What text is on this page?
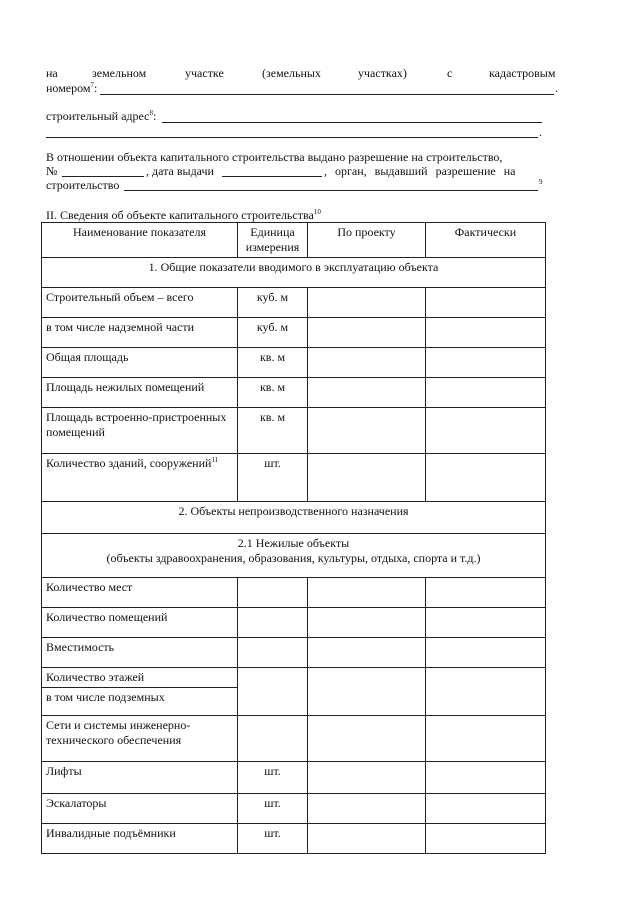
на	земельном	участке	(земельных	участках)	с	кадастровым
номером$^7$:	.
строительный адрес$^8$:
.
В отношении объекта капитального строительства выдано разрешение на строительство,
№	, дата выдачи	, орган, выдавший разрешение на
строительство	$^9$
II. Сведения об объекте капитального строительства$^{10}$
Наименование показателя	Единица измерения	По проекту	Фактически
1. Общие показатели вводимого в эксплуатацию объекта			
Строительный объем – всего	куб. м		
в том числе надземной части	куб. м		
Общая площадь	кв. м		
Площадь нежилых помещений	кв. м		
Площадь встроенно-пристроенных помещений	кв. м		
Количество зданий, сооружений$^{11}$	шт.		
2. Объекты непроизводственного назначения			

2.1 Нежилые объекты
(объекты здравоохранения, образования, культуры, отдыха, спорта и т.д.)			

Количество мест			
Количество помещений			
Вместимость			
Количество этажей			
в том числе подземных			
Сети и системы инженерно-технического обеспечения			
Лифты	шт.		
Эскалаторы	шт.		
Инвалидные подъёмники	шт.		
